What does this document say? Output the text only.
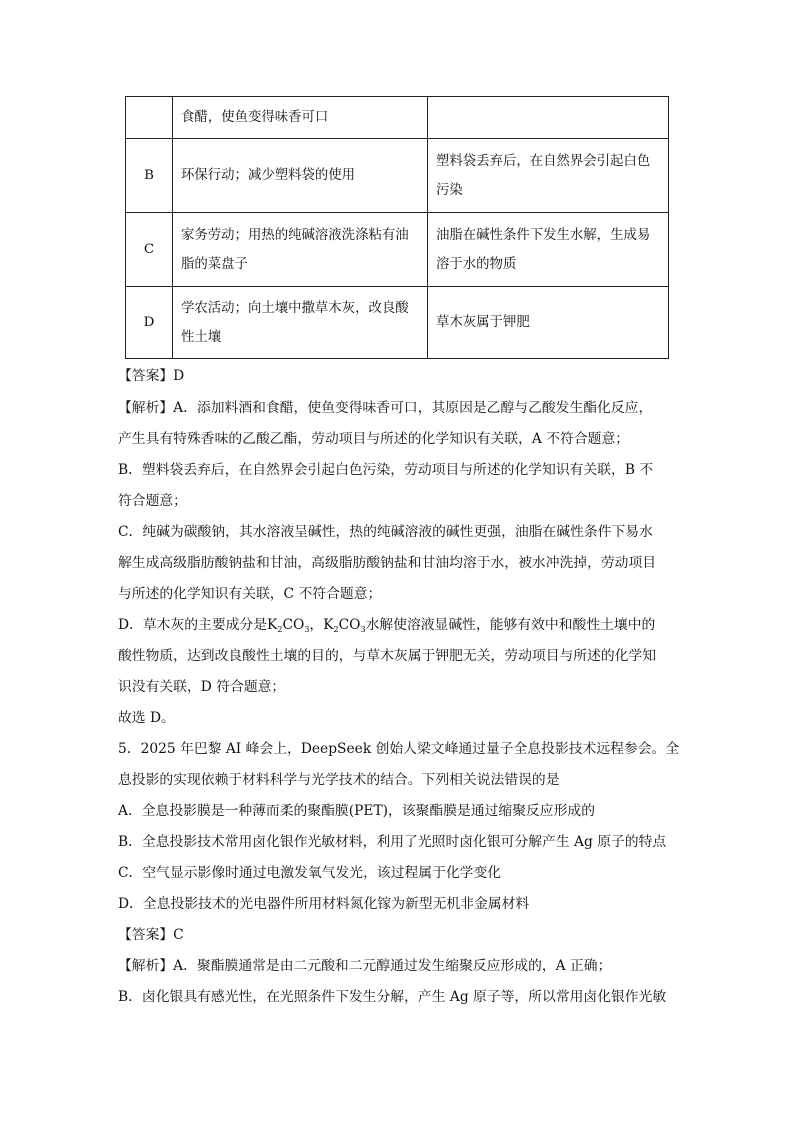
	食醋，使鱼变得味香可口	
B	环保行动；减少塑料袋的使用	塑料袋丢弃后，在自然界会引起白色污染
C	家务劳动；用热的纯碱溶液洗涤粘有油脂的菜盘子	油脂在碱性条件下发生水解，生成易溶于水的物质
D	学农活动；向土壤中撒草木灰，改良酸性土壤	草木灰属于钾肥
【答案】D
【解析】A．添加料酒和食醋，使鱼变得味香可口，其原因是乙醇与乙酸发生酯化反应，
产生具有特殊香味的乙酸乙酯，劳动项目与所述的化学知识有关联，A 不符合题意；
B．塑料袋丢弃后，在自然界会引起白色污染，劳动项目与所述的化学知识有关联，B 不
符合题意；
C．纯碱为碳酸钠，其水溶液呈碱性，热的纯碱溶液的碱性更强，油脂在碱性条件下易水
解生成高级脂肪酸钠盐和甘油，高级脂肪酸钠盐和甘油均溶于水，被水冲洗掉，劳动项目
与所述的化学知识有关联，C 不符合题意；
D．草木灰的主要成分是$K_2CO_3$，$K_2CO_3$水解使溶液显碱性，能够有效中和酸性土壤中的
酸性物质，达到改良酸性土壤的目的，与草木灰属于钾肥无关，劳动项目与所述的化学知
识没有关联，D 符合题意；
故选 D。
5．2025 年巴黎 AI 峰会上，DeepSeek 创始人梁文峰通过量子全息投影技术远程参会。全
息投影的实现依赖于材料科学与光学技术的结合。下列相关说法错误的是
A．全息投影膜是一种薄而柔的聚酯膜(PET)，该聚酯膜是通过缩聚反应形成的
B．全息投影技术常用卤化银作光敏材料，利用了光照时卤化银可分解产生 Ag 原子的特点
C．空气显示影像时通过电激发氧气发光，该过程属于化学变化
D．全息投影技术的光电器件所用材料氮化镓为新型无机非金属材料
【答案】C
【解析】A．聚酯膜通常是由二元酸和二元醇通过发生缩聚反应形成的，A 正确；
B．卤化银具有感光性，在光照条件下发生分解，产生 Ag 原子等，所以常用卤化银作光敏
